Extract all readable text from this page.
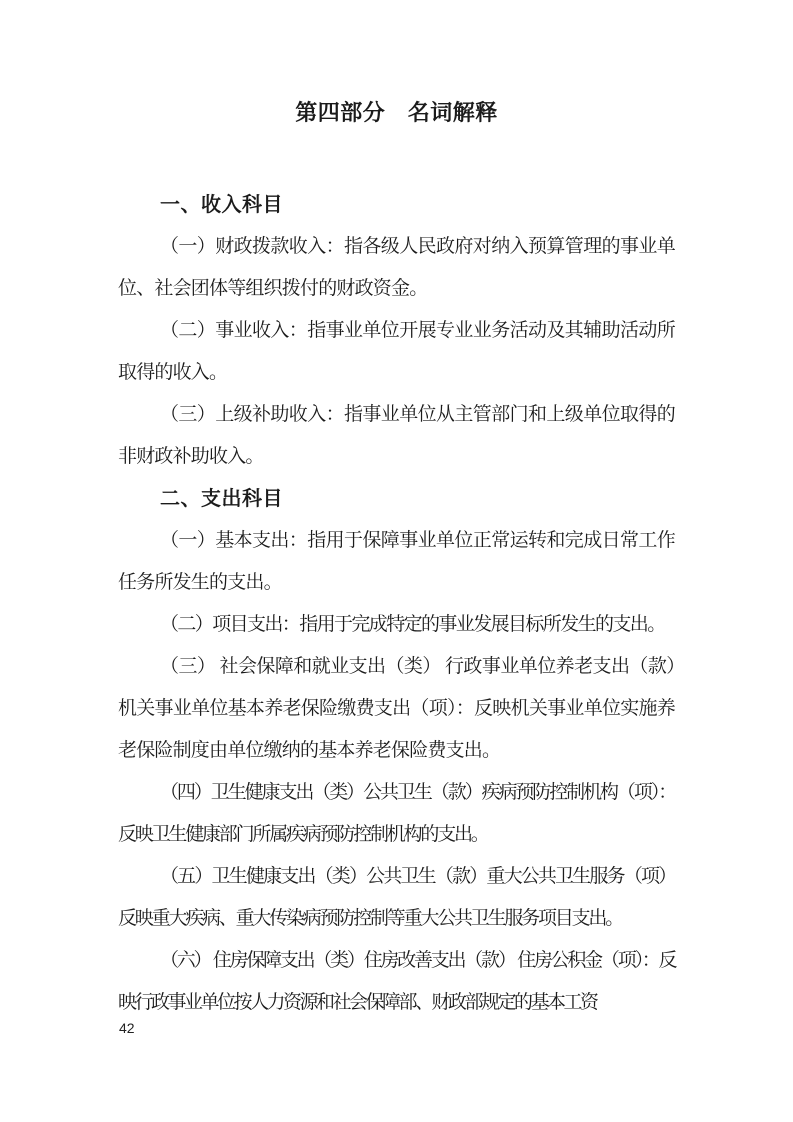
第四部分　名词解释
一、收入科目

（一）财政拨款收入：指各级人民政府对纳入预算管理的事业单位、社会团体等组织拨付的财政资金。

（二）事业收入：指事业单位开展专业业务活动及其辅助活动所取得的收入。

（三）上级补助收入：指事业单位从主管部门和上级单位取得的非财政补助收入。

二、支出科目

（一）基本支出：指用于保障事业单位正常运转和完成日常工作任务所发生的支出。

（二）项目支出：指用于完成特定的事业发展目标所发生的支出。

（三） 社会保障和就业支出（类） 行政事业单位养老支出（款）机关事业单位基本养老保险缴费支出（项）：反映机关事业单位实施养老保险制度由单位缴纳的基本养老保险费支出。

（四）卫生健康支出（类）公共卫生（款）疾病预防控制机构（项）：反映卫生健康部门所属疾病预防控制机构的支出。

（五）卫生健康支出（类）公共卫生（款）重大公共卫生服务（项）反映重大疾病、重大传染病预防控制等重大公共卫生服务项目支出。

（六） 住房保障支出（类）住房改善支出（款） 住房公积金（项）：反映行政事业单位按人力资源和社会保障部、财政部规定的基本工资

42
